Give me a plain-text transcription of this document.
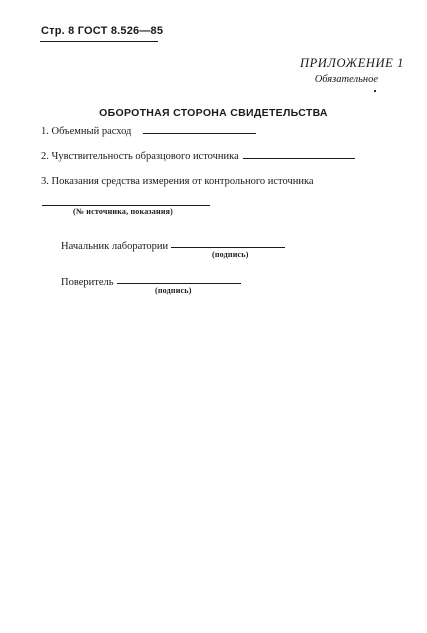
Стр. 8 ГОСТ 8.526—85
ПРИЛОЖЕНИЕ 1
Обязательное
ОБОРОТНАЯ СТОРОНА СВИДЕТЕЛЬСТВА
1. Объемный расход
2. Чувствительность образцового источника
3. Показания средства измерения от контрольного источника
(№ источника, показания)
Начальник лаборатории
(подпись)
Поверитель
(подпись)
